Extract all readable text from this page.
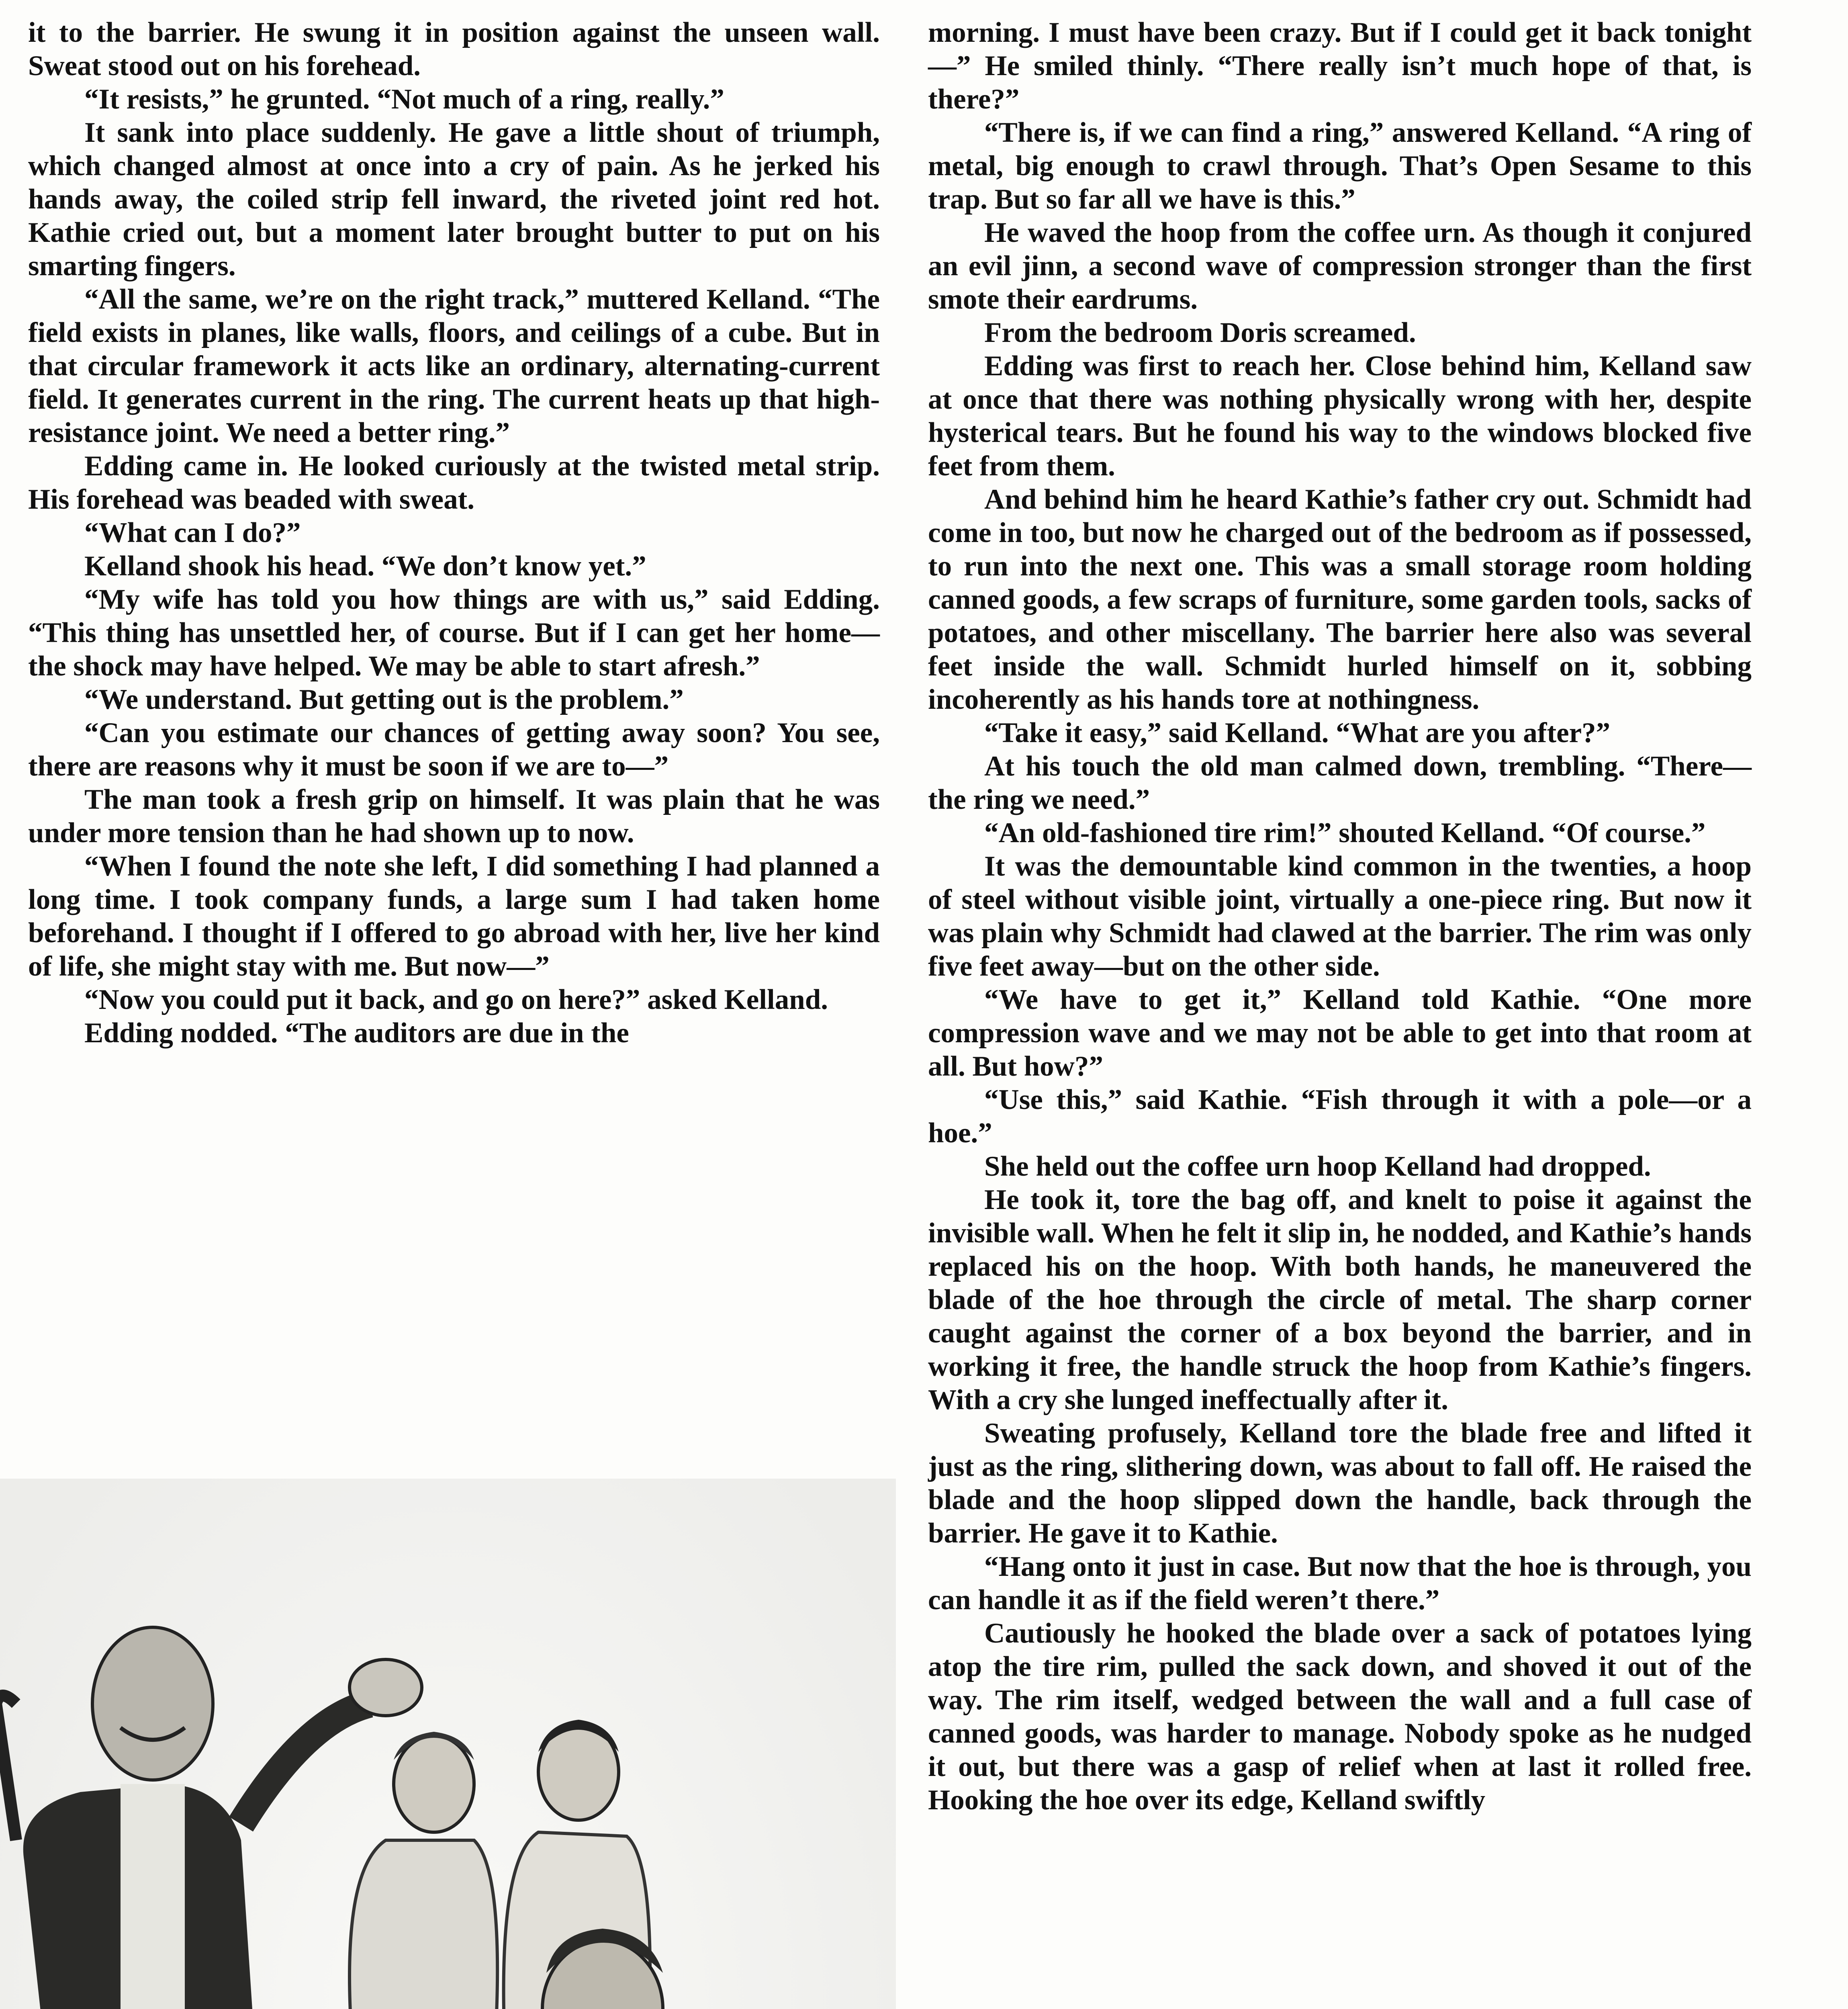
it to the barrier. He swung it in position against the unseen wall. Sweat stood out on his forehead.

“It resists,” he grunted. “Not much of a ring, really.”

It sank into place suddenly. He gave a little shout of triumph, which changed almost at once into a cry of pain. As he jerked his hands away, the coiled strip fell inward, the riveted joint red hot. Kathie cried out, but a moment later brought butter to put on his smarting fingers.

“All the same, we’re on the right track,” muttered Kelland. “The field exists in planes, like walls, floors, and ceilings of a cube. But in that circular framework it acts like an ordinary, alternating-current field. It generates current in the ring. The current heats up that high-resistance joint. We need a better ring.”

Edding came in. He looked curiously at the twisted metal strip. His forehead was beaded with sweat.

“What can I do?”

Kelland shook his head. “We don’t know yet.”

“My wife has told you how things are with us,” said Edding. “This thing has unsettled her, of course. But if I can get her home—the shock may have helped. We may be able to start afresh.”

“We understand. But getting out is the problem.”

“Can you estimate our chances of getting away soon? You see, there are reasons why it must be soon if we are to—”

The man took a fresh grip on himself. It was plain that he was under more tension than he had shown up to now.

“When I found the note she left, I did something I had planned a long time. I took company funds, a large sum I had taken home beforehand. I thought if I offered to go abroad with her, live her kind of life, she might stay with me. But now—”

“Now you could put it back, and go on here?” asked Kelland.

Edding nodded. “The auditors are due in the

morning. I must have been crazy. But if I could get it back tonight—” He smiled thinly. “There really isn’t much hope of that, is there?”

“There is, if we can find a ring,” answered Kelland. “A ring of metal, big enough to crawl through. That’s Open Sesame to this trap. But so far all we have is this.”

He waved the hoop from the coffee urn. As though it conjured an evil jinn, a second wave of compression stronger than the first smote their eardrums.

From the bedroom Doris screamed.

Edding was first to reach her. Close behind him, Kelland saw at once that there was nothing physically wrong with her, despite hysterical tears. But he found his way to the windows blocked five feet from them.

And behind him he heard Kathie’s father cry out. Schmidt had come in too, but now he charged out of the bedroom as if possessed, to run into the next one. This was a small storage room holding canned goods, a few scraps of furniture, some garden tools, sacks of potatoes, and other miscellany. The barrier here also was several feet inside the wall. Schmidt hurled himself on it, sobbing incoherently as his hands tore at nothingness.

“Take it easy,” said Kelland. “What are you after?”

At his touch the old man calmed down, trembling. “There—the ring we need.”

“An old-fashioned tire rim!” shouted Kelland. “Of course.”

It was the demountable kind common in the twenties, a hoop of steel without visible joint, virtually a one-piece ring. But now it was plain why Schmidt had clawed at the barrier. The rim was only five feet away—but on the other side.

“We have to get it,” Kelland told Kathie. “One more compression wave and we may not be able to get into that room at all. But how?”

“Use this,” said Kathie. “Fish through it with a pole—or a hoe.”

She held out the coffee urn hoop Kelland had dropped.

He took it, tore the bag off, and knelt to poise it against the invisible wall. When he felt it slip in, he nodded, and Kathie’s hands replaced his on the hoop. With both hands, he maneuvered the blade of the hoe through the circle of metal. The sharp corner caught against the corner of a box beyond the barrier, and in working it free, the handle struck the hoop from Kathie’s fingers. With a cry she lunged ineffectually after it.

Sweating profusely, Kelland tore the blade free and lifted it just as the ring, slithering down, was about to fall off. He raised the blade and the hoop slipped down the handle, back through the barrier. He gave it to Kathie.

“Hang onto it just in case. But now that the hoe is through, you can handle it as if the field weren’t there.”

Cautiously he hooked the blade over a sack of potatoes lying atop the tire rim, pulled the sack down, and shoved it out of the way. The rim itself, wedged between the wall and a full case of canned goods, was harder to manage. Nobody spoke as he nudged it out, but there was a gasp of relief when at last it rolled free. Hooking the hoe over its edge, Kelland swiftly
